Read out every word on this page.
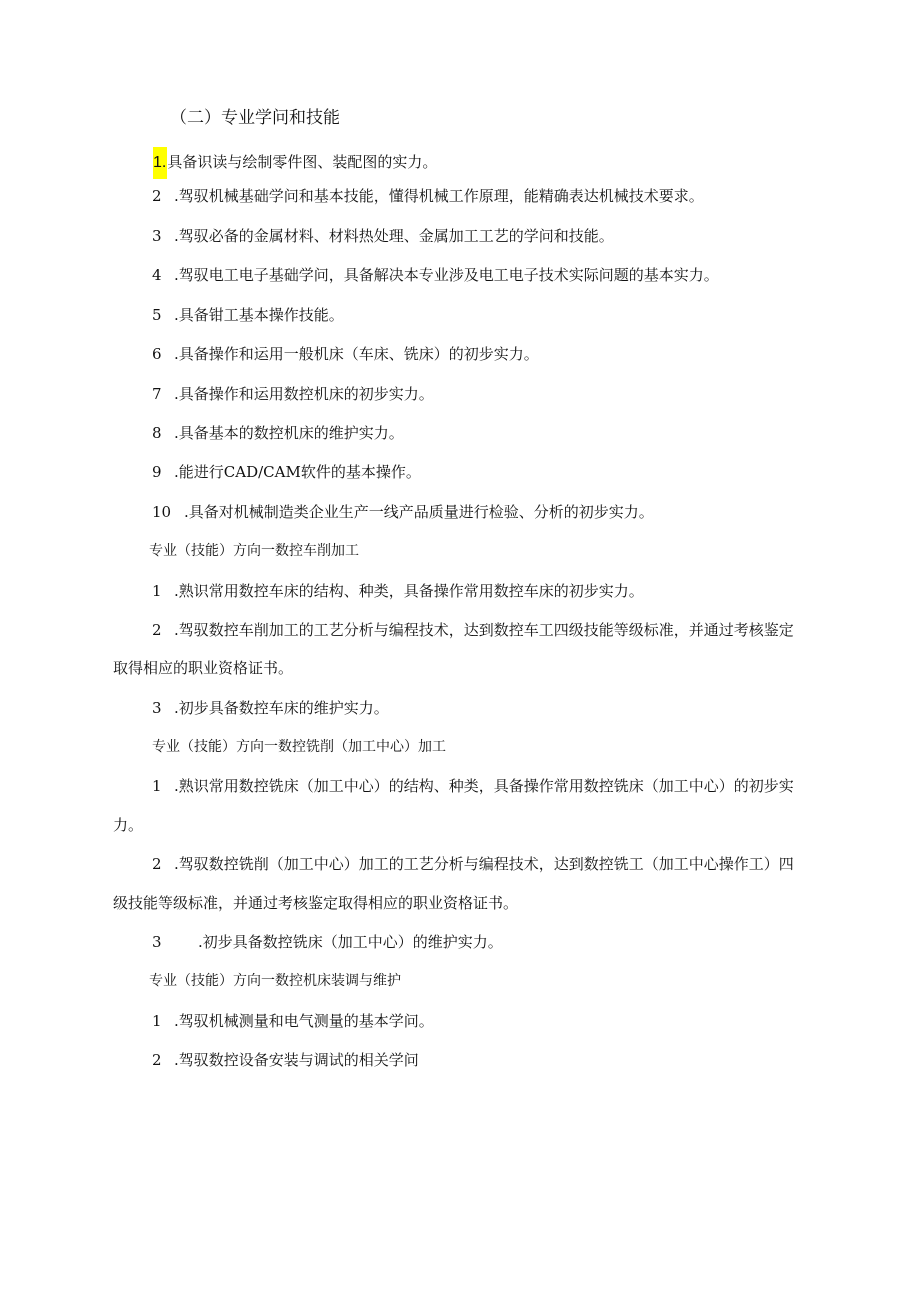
（二）专业学问和技能
1.具备识读与绘制零件图、装配图的实力。
2 .驾驭机械基础学问和基本技能，懂得机械工作原理，能精确表达机械技术要求。
3 .驾驭必备的金属材料、材料热处理、金属加工工艺的学问和技能。
4 .驾驭电工电子基础学问，具备解决本专业涉及电工电子技术实际问题的基本实力。
5 .具备钳工基本操作技能。
6 .具备操作和运用一般机床（车床、铣床）的初步实力。
7 .具备操作和运用数控机床的初步实力。
8 .具备基本的数控机床的维护实力。
9 .能进行CAD/CAM软件的基本操作。
10 .具备对机械制造类企业生产一线产品质量进行检验、分析的初步实力。
专业（技能）方向一数控车削加工
1 .熟识常用数控车床的结构、种类，具备操作常用数控车床的初步实力。
2 .驾驭数控车削加工的工艺分析与编程技术，达到数控车工四级技能等级标准，并通过考核鉴定
取得相应的职业资格证书。
3 .初步具备数控车床的维护实力。
专业（技能）方向一数控铣削（加工中心）加工
1 .熟识常用数控铣床（加工中心）的结构、种类，具备操作常用数控铣床（加工中心）的初步实
力。
2 .驾驭数控铣削（加工中心）加工的工艺分析与编程技术，达到数控铣工（加工中心操作工）四
级技能等级标准，并通过考核鉴定取得相应的职业资格证书。
3 .初步具备数控铣床（加工中心）的维护实力。
专业（技能）方向一数控机床装调与维护
1 .驾驭机械测量和电气测量的基本学问。
2 .驾驭数控设备安装与调试的相关学问
